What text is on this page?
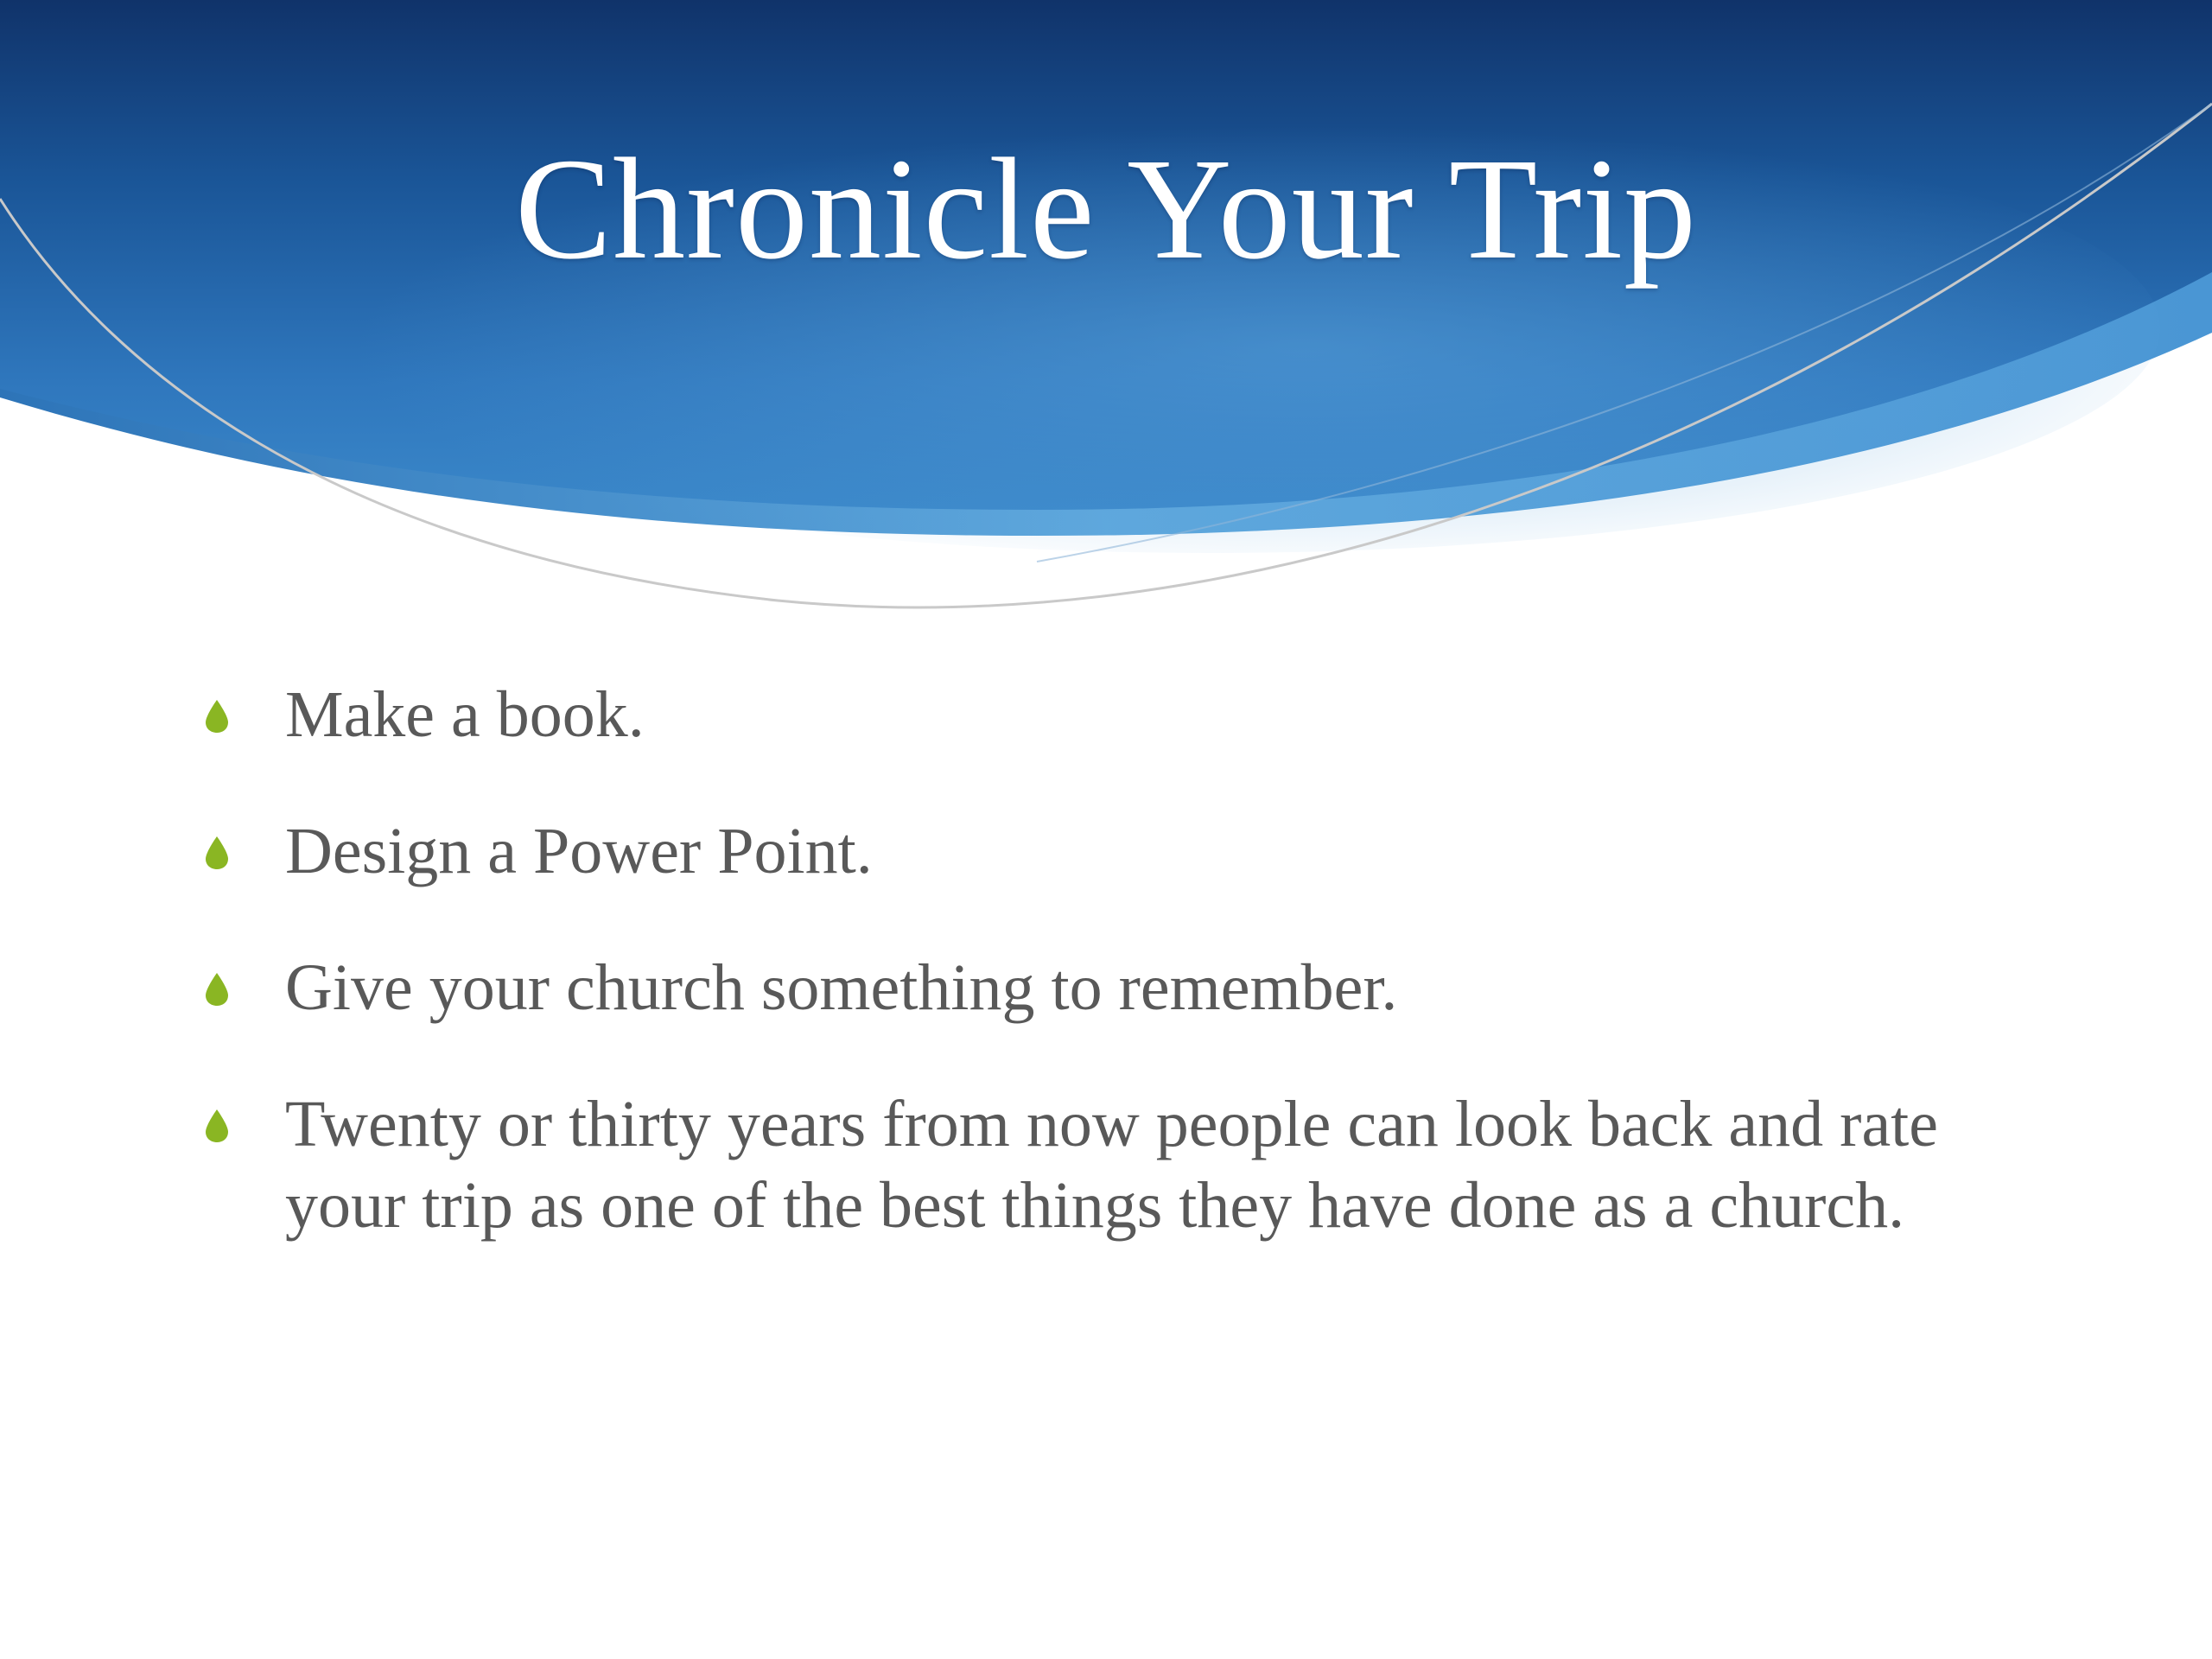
Chronicle Your Trip
Make a book.
Design a Power Point.
Give your church something to remember.
Twenty or thirty years from now people can look back and rate your trip as one of the best things they have done as a church.
